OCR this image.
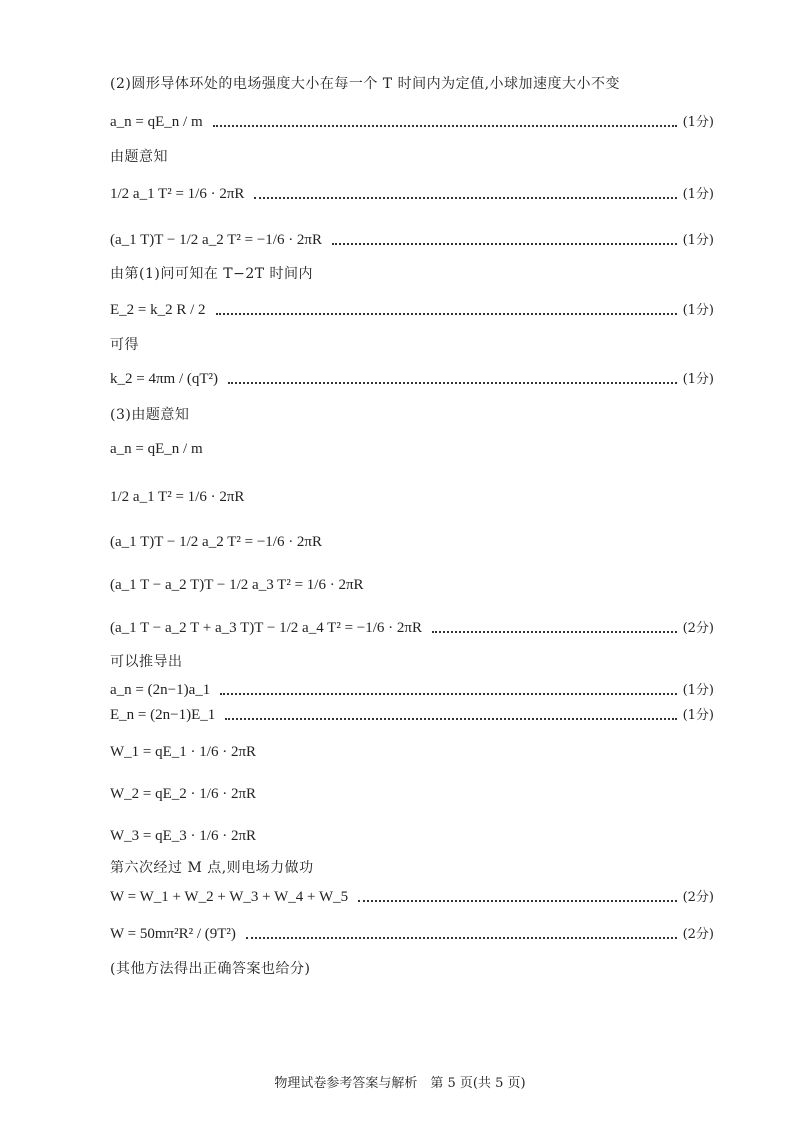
(2)圆形导体环处的电场强度大小在每一个 T 时间内为定值,小球加速度大小不变
a_n = qE_n / m	(1分)
由题意知
1/2 a_1 T² = 1/6 · 2πR	(1分)
(a_1 T)T − 1/2 a_2 T² = −1/6 · 2πR	(1分)
由第(1)问可知在 T−2T 时间内
E_2 = k_2 R / 2	(1分)
可得
k_2 = 4πm / (qT²)	(1分)
(3)由题意知
a_n = qE_n / m
1/2 a_1 T² = 1/6 · 2πR
(a_1 T)T − 1/2 a_2 T² = −1/6 · 2πR
(a_1 T − a_2 T)T − 1/2 a_3 T² = 1/6 · 2πR
(a_1 T − a_2 T + a_3 T)T − 1/2 a_4 T² = −1/6 · 2πR	(2分)
可以推导出
a_n = (2n−1)a_1	(1分)
E_n = (2n−1)E_1	(1分)
W_1 = qE_1 · 1/6 · 2πR
W_2 = qE_2 · 1/6 · 2πR
W_3 = qE_3 · 1/6 · 2πR
第六次经过 M 点,则电场力做功
W = W_1 + W_2 + W_3 + W_4 + W_5	(2分)
W = 50mπ²R² / (9T²)	(2分)
(其他方法得出正确答案也给分)
物理试卷参考答案与解析　第 5 页(共 5 页)
